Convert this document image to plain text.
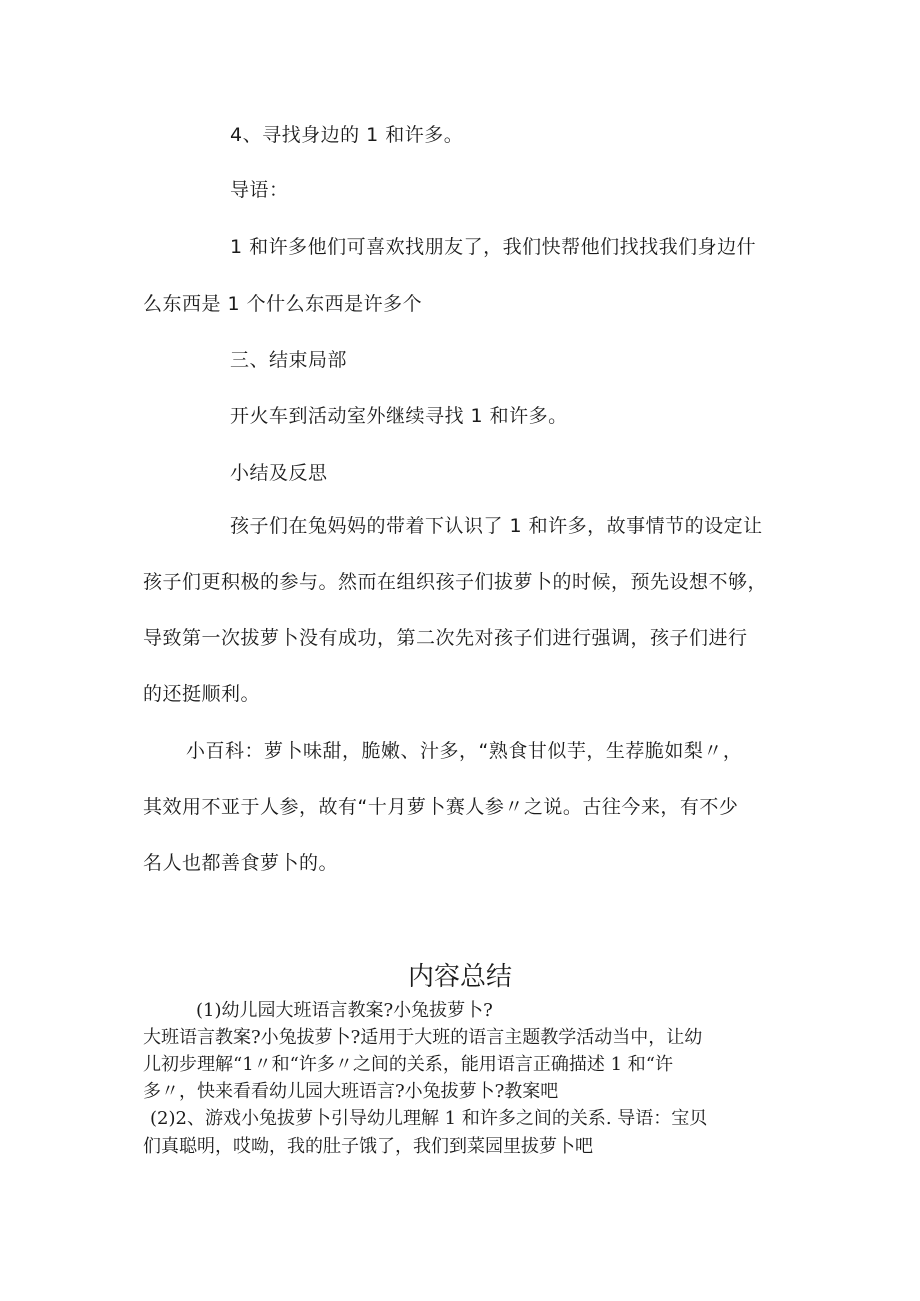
4、寻找身边的 1 和许多。
导语：
1 和许多他们可喜欢找朋友了，我们快帮他们找找我们身边什
么东西是 1 个什么东西是许多个
三、结束局部
开火车到活动室外继续寻找 1 和许多。
小结及反思
孩子们在兔妈妈的带着下认识了 1 和许多，故事情节的设定让
孩子们更积极的参与。然而在组织孩子们拔萝卜的时候，预先设想不够，
导致第一次拔萝卜没有成功，第二次先对孩子们进行强调，孩子们进行
的还挺顺利。
小百科：萝卜味甜，脆嫩、汁多，“熟食甘似芋，生荐脆如梨〃，
其效用不亚于人参，故有“十月萝卜赛人参〃之说。古往今来，有不少
名人也都善食萝卜的。
内容总结
(1)幼儿园大班语言教案?小兔拔萝卜?
大班语言教案?小兔拔萝卜?适用于大班的语言主题教学活动当中，让幼
儿初步理解“1〃和“许多〃之间的关系，能用语言正确描述 1 和“许
多〃，快来看看幼儿园大班语言?小兔拔萝卜?教案吧
(2)2、游戏小兔拔萝卜引导幼儿理解 1 和许多之间的关系. 导语：宝贝
们真聪明，哎呦，我的肚子饿了，我们到菜园里拔萝卜吧
